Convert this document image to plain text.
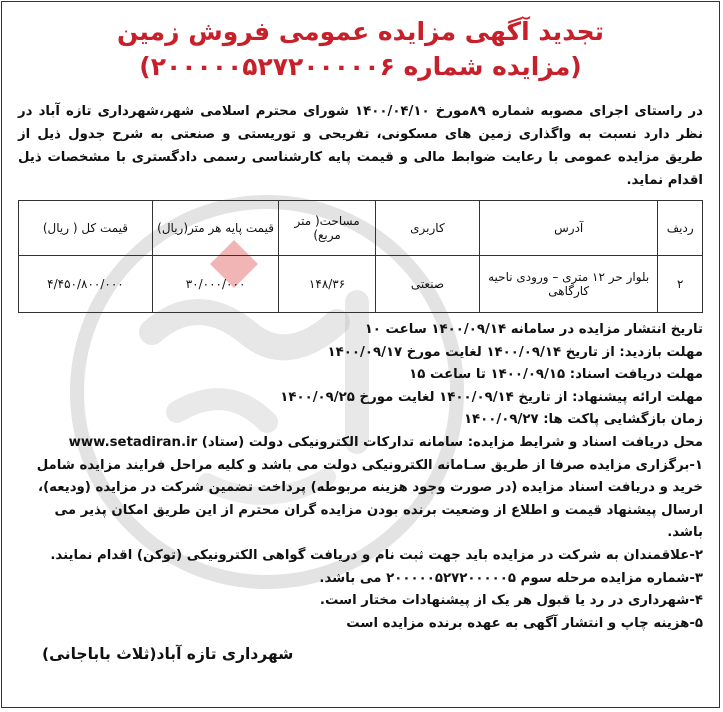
تجدید آگهی مزایده عمومی فروش زمین
(مزایده شماره ۲۰۰۰۰۰۵۲۷۲۰۰۰۰۰۶)

در راستای اجرای مصوبه شماره ۸۹مورخ ۱۴۰۰/۰۴/۱۰ شورای محترم اسلامی شهر،شهرداری تازه آباد در نظر دارد نسبت به واگذاری زمین های مسکونی، تفریحی و توریستی و صنعتی به شرح جدول ذیل از طریق مزایده عمومی با رعایت ضوابط مالی و قیمت پایه کارشناسی رسمی دادگستری با مشخصات ذیل اقدام نماید.

ردیف	آدرس	کاربری	مساحت( متر مربع)	قیمت پایه هر متر(ریال)	قیمت کل ( ریال)
۲	بلوار حر ۱۲ متری – ورودی ناحیه کارگاهی	صنعتی	۱۴۸/۳۶	۳۰/۰۰۰/۰۰۰	۴/۴۵۰/۸۰۰/۰۰۰

تاریخ انتشار مزایده در سامانه ۱۴۰۰/۰۹/۱۴ ساعت ۱۰

مهلت بازدید: از تاریخ ۱۴۰۰/۰۹/۱۴ لغایت مورخ ۱۴۰۰/۰۹/۱۷

مهلت دریافت اسناد: ۱۴۰۰/۰۹/۱۵ تا ساعت ۱۵

مهلت ارائه پیشنهاد: از تاریخ ۱۴۰۰/۰۹/۱۴ لغایت مورخ ۱۴۰۰/۰۹/۲۵

زمان بازگشایی پاکت ها: ۱۴۰۰/۰۹/۲۷

محل دریافت اسناد و شرایط مزایده: سامانه تدارکات الکترونیکی دولت (ستاد) www.setadiran.ir

۱-برگزاری مزایده صرفا از طریق سـامانه الکترونیکی دولت می باشد و کلیه مراحل فرایند مزایده شامل خرید و دریافت اسناد مزایده (در صورت وجود هزینه مربوطه) پرداخت تضمین شرکت در مزایده (ودیعه)، ارسال پیشنهاد قیمت و اطلاع از وضعیت برنده بودن مزایده گران محترم از این طریق امکان پذیر می باشد.

۲-علاقمندان به شرکت در مزایده باید جهت ثبت نام و دریافت گواهی الکترونیکی (توکن) اقدام نمایند.

۳-شماره مزایده مرحله سوم ۲۰۰۰۰۰۵۲۷۲۰۰۰۰۰۵ می باشد.

۴-شهرداری در رد یا قبول هر یک از پیشنهادات مختار است.

۵-هزینه چاپ و انتشار آگهی به عهده برنده مزایده است

شهرداری تازه آباد(ثلاث باباجانی)
